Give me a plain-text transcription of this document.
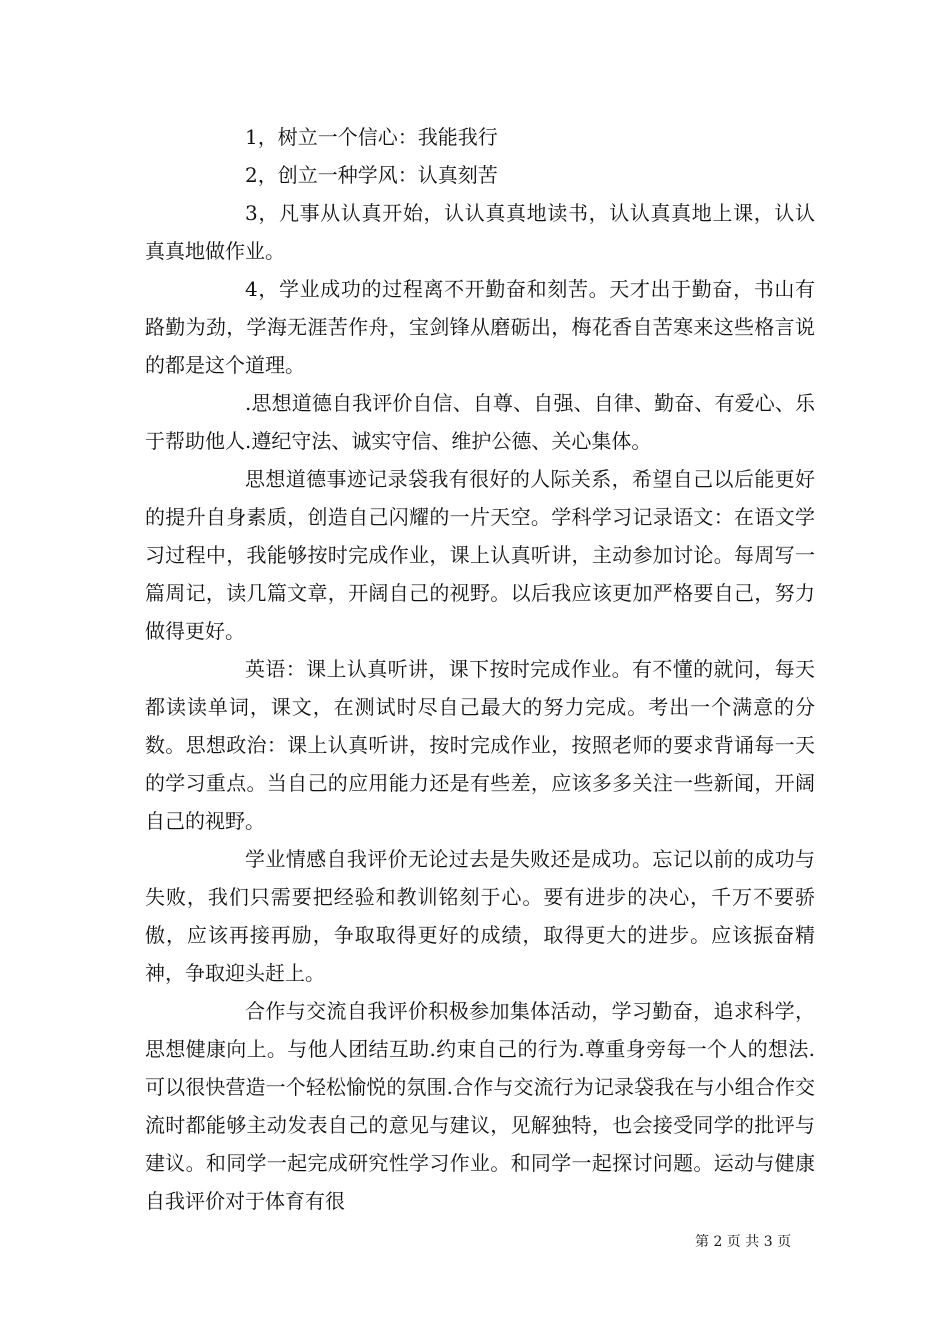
1，树立一个信心：我能我行

2，创立一种学风：认真刻苦

3，凡事从认真开始，认认真真地读书，认认真真地上课，认认真真地做作业。

4，学业成功的过程离不开勤奋和刻苦。天才出于勤奋，书山有路勤为劲，学海无涯苦作舟，宝剑锋从磨砺出，梅花香自苦寒来这些格言说的都是这个道理。

.思想道德自我评价自信、自尊、自强、自律、勤奋、有爱心、乐于帮助他人.遵纪守法、诚实守信、维护公德、关心集体。

思想道德事迹记录袋我有很好的人际关系，希望自己以后能更好的提升自身素质，创造自己闪耀的一片天空。学科学习记录语文：在语文学习过程中，我能够按时完成作业，课上认真听讲，主动参加讨论。每周写一篇周记，读几篇文章，开阔自己的视野。以后我应该更加严格要自己，努力做得更好。

英语：课上认真听讲，课下按时完成作业。有不懂的就问，每天都读读单词，课文，在测试时尽自己最大的努力完成。考出一个满意的分数。思想政治：课上认真听讲，按时完成作业，按照老师的要求背诵每一天的学习重点。当自己的应用能力还是有些差，应该多多关注一些新闻，开阔自己的视野。

学业情感自我评价无论过去是失败还是成功。忘记以前的成功与失败，我们只需要把经验和教训铭刻于心。要有进步的决心，千万不要骄傲，应该再接再励，争取取得更好的成绩，取得更大的进步。应该振奋精神，争取迎头赶上。

合作与交流自我评价积极参加集体活动，学习勤奋，追求科学，思想健康向上。与他人团结互助.约束自己的行为.尊重身旁每一个人的想法.可以很快营造一个轻松愉悦的氛围.合作与交流行为记录袋我在与小组合作交流时都能够主动发表自己的意见与建议，见解独特，也会接受同学的批评与建议。和同学一起完成研究性学习作业。和同学一起探讨问题。运动与健康自我评价对于体育有很

第 2 页 共 3 页
